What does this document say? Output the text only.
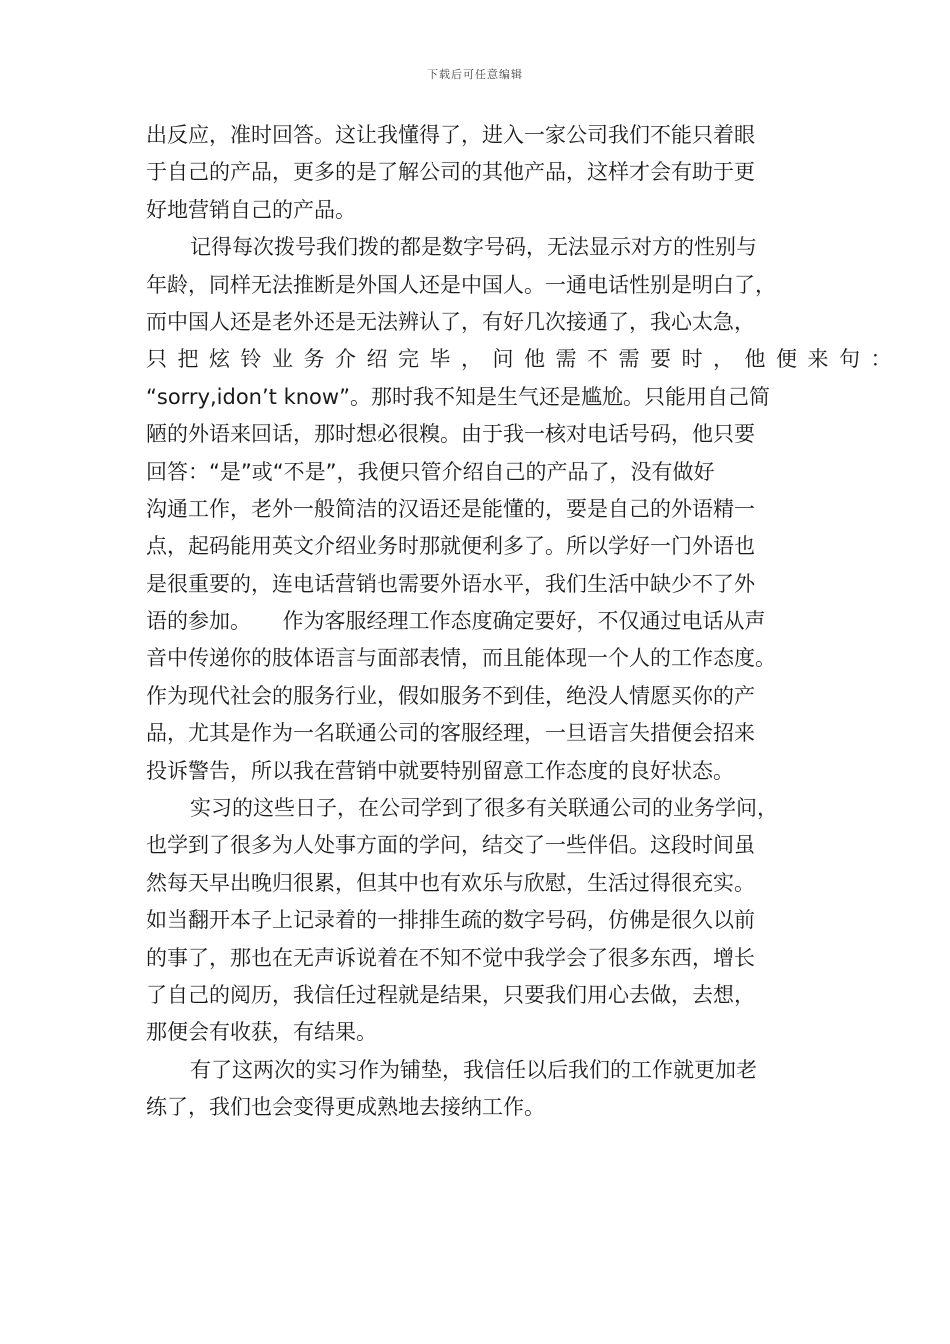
下载后可任意编辑
出反应，准时回答。这让我懂得了，进入一家公司我们不能只着眼
于自己的产品，更多的是了解公司的其他产品，这样才会有助于更
好地营销自己的产品。
记得每次拨号我们拨的都是数字号码，无法显示对方的性别与
年龄，同样无法推断是外国人还是中国人。一通电话性别是明白了，
而中国人还是老外还是无法辨认了，有好几次接通了，我心太急，
只把炫铃业务介绍完毕，问他需不需要时，他便来句：
“sorry,idon’t know”。那时我不知是生气还是尴尬。只能用自己简
陋的外语来回话，那时想必很糗。由于我一核对电话号码，他只要
回答：“是”或“不是”，我便只管介绍自己的产品了，没有做好
沟通工作，老外一般简洁的汉语还是能懂的，要是自己的外语精一
点，起码能用英文介绍业务时那就便利多了。所以学好一门外语也
是很重要的，连电话营销也需要外语水平，我们生活中缺少不了外
语的参加。　　作为客服经理工作态度确定要好，不仅通过电话从声
音中传递你的肢体语言与面部表情，而且能体现一个人的工作态度。
作为现代社会的服务行业，假如服务不到佳，绝没人情愿买你的产
品，尤其是作为一名联通公司的客服经理，一旦语言失措便会招来
投诉警告，所以我在营销中就要特别留意工作态度的良好状态。
实习的这些日子，在公司学到了很多有关联通公司的业务学问，
也学到了很多为人处事方面的学问，结交了一些伴侣。这段时间虽
然每天早出晚归很累，但其中也有欢乐与欣慰，生活过得很充实。
如当翻开本子上记录着的一排排生疏的数字号码，仿佛是很久以前
的事了，那也在无声诉说着在不知不觉中我学会了很多东西，增长
了自己的阅历，我信任过程就是结果，只要我们用心去做，去想，
那便会有收获，有结果。
有了这两次的实习作为铺垫，我信任以后我们的工作就更加老
练了，我们也会变得更成熟地去接纳工作。
